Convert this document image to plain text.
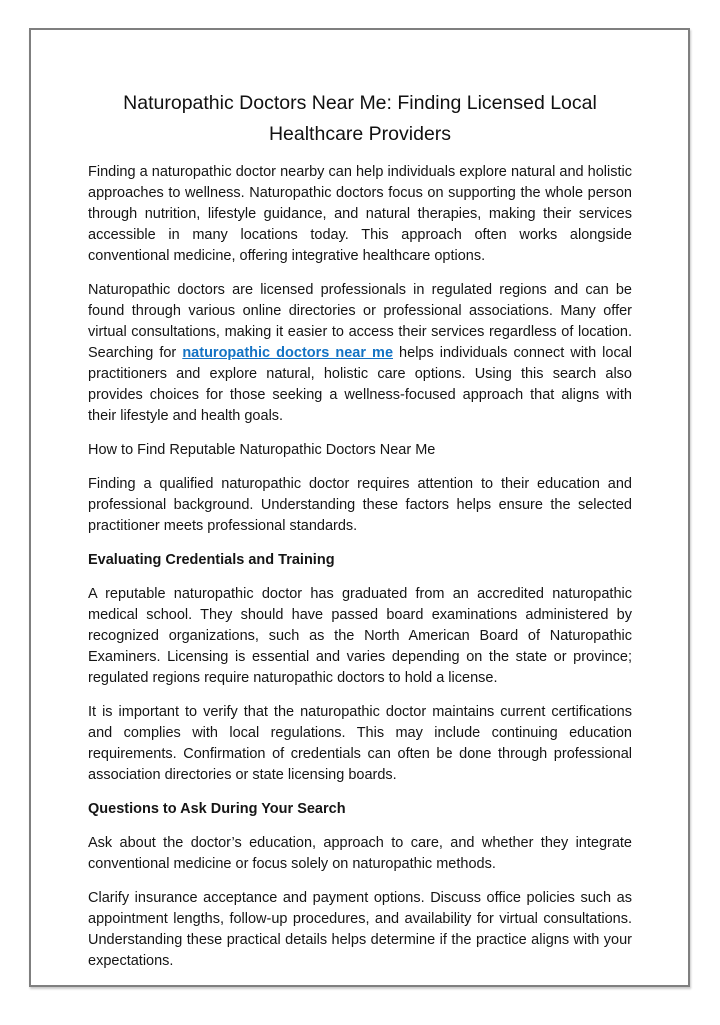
Naturopathic Doctors Near Me: Finding Licensed Local Healthcare Providers

Finding a naturopathic doctor nearby can help individuals explore natural and holistic approaches to wellness. Naturopathic doctors focus on supporting the whole person through nutrition, lifestyle guidance, and natural therapies, making their services accessible in many locations today. This approach often works alongside conventional medicine, offering integrative healthcare options.

Naturopathic doctors are licensed professionals in regulated regions and can be found through various online directories or professional associations. Many offer virtual consultations, making it easier to access their services regardless of location. Searching for naturopathic doctors near me helps individuals connect with local practitioners and explore natural, holistic care options. Using this search also provides choices for those seeking a wellness-focused approach that aligns with their lifestyle and health goals.

How to Find Reputable Naturopathic Doctors Near Me

Finding a qualified naturopathic doctor requires attention to their education and professional background. Understanding these factors helps ensure the selected practitioner meets professional standards.

Evaluating Credentials and Training

A reputable naturopathic doctor has graduated from an accredited naturopathic medical school. They should have passed board examinations administered by recognized organizations, such as the North American Board of Naturopathic Examiners. Licensing is essential and varies depending on the state or province; regulated regions require naturopathic doctors to hold a license.

It is important to verify that the naturopathic doctor maintains current certifications and complies with local regulations. This may include continuing education requirements. Confirmation of credentials can often be done through professional association directories or state licensing boards.

Questions to Ask During Your Search

Ask about the doctor’s education, approach to care, and whether they integrate conventional medicine or focus solely on naturopathic methods.

Clarify insurance acceptance and payment options. Discuss office policies such as appointment lengths, follow-up procedures, and availability for virtual consultations. Understanding these practical details helps determine if the practice aligns with your expectations.
